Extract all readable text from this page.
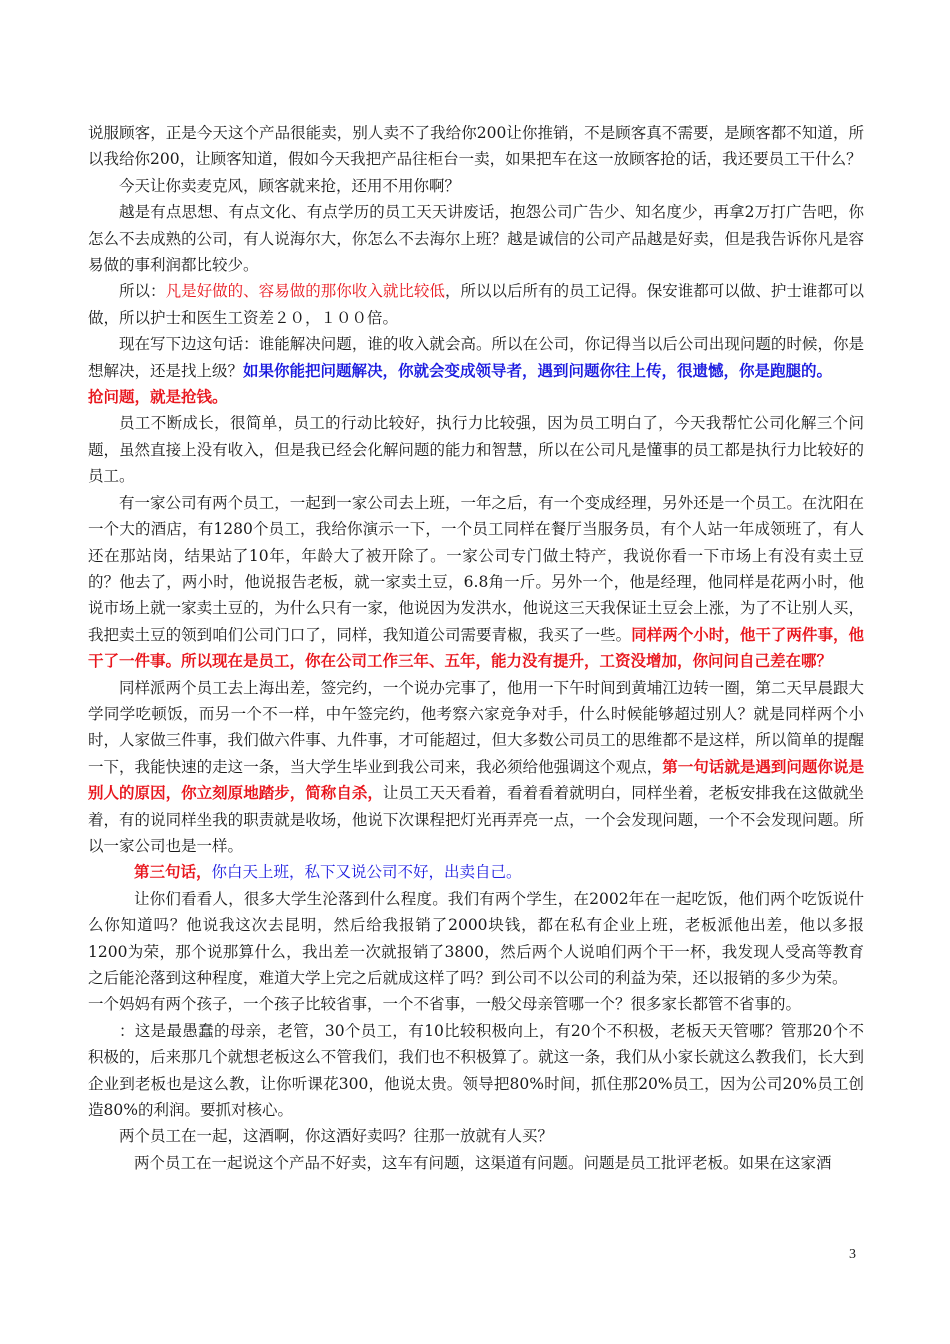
说服顾客，正是今天这个产品很能卖，别人卖不了我给你200让你推销，不是顾客真不需要，是顾客都不知道，所以我给你200，让顾客知道，假如今天我把产品往柜台一卖，如果把车在这一放顾客抢的话，我还要员工干什么？

今天让你卖麦克风，顾客就来抢，还用不用你啊？

越是有点思想、有点文化、有点学历的员工天天讲废话，抱怨公司广告少、知名度少，再拿2万打广告吧，你怎么不去成熟的公司，有人说海尔大，你怎么不去海尔上班？越是诚信的公司产品越是好卖，但是我告诉你凡是容易做的事利润都比较少。

所以：凡是好做的、容易做的那你收入就比较低，所以以后所有的员工记得。保安谁都可以做、护士谁都可以做，所以护士和医生工资差２０，１００倍。

现在写下边这句话：谁能解决问题，谁的收入就会高。所以在公司，你记得当以后公司出现问题的时候，你是想解决，还是找上级？如果你能把问题解决，你就会变成领导者，遇到问题你往上传，很遗憾，你是跑腿的。

抢问题，就是抢钱。

员工不断成长，很简单，员工的行动比较好，执行力比较强，因为员工明白了，今天我帮忙公司化解三个问题，虽然直接上没有收入，但是我已经会化解问题的能力和智慧，所以在公司凡是懂事的员工都是执行力比较好的员工。

有一家公司有两个员工，一起到一家公司去上班，一年之后，有一个变成经理，另外还是一个员工。在沈阳在一个大的酒店，有1280个员工，我给你演示一下，一个员工同样在餐厅当服务员，有个人站一年成领班了，有人还在那站岗，结果站了10年，年龄大了被开除了。一家公司专门做土特产，我说你看一下市场上有没有卖土豆的？他去了，两小时，他说报告老板，就一家卖土豆，6.8角一斤。另外一个，他是经理，他同样是花两小时，他说市场上就一家卖土豆的，为什么只有一家，他说因为发洪水，他说这三天我保证土豆会上涨，为了不让别人买，我把卖土豆的领到咱们公司门口了，同样，我知道公司需要青椒，我买了一些。同样两个小时，他干了两件事，他干了一件事。所以现在是员工，你在公司工作三年、五年，能力没有提升，工资没增加，你问问自己差在哪？

同样派两个员工去上海出差，签完约，一个说办完事了，他用一下午时间到黄埔江边转一圈，第二天早晨跟大学同学吃顿饭，而另一个不一样，中午签完约，他考察六家竞争对手，什么时候能够超过别人？就是同样两个小时，人家做三件事，我们做六件事、九件事，才可能超过，但大多数公司员工的思维都不是这样，所以简单的提醒一下，我能快速的走这一条，当大学生毕业到我公司来，我必须给他强调这个观点，第一句话就是遇到问题你说是别人的原因，你立刻原地踏步，简称自杀，让员工天天看着，看着看着就明白，同样坐着，老板安排我在这做就坐着，有的说同样坐我的职责就是收场，他说下次课程把灯光再弄亮一点，一个会发现问题，一个不会发现问题。所以一家公司也是一样。

第三句话，你白天上班，私下又说公司不好，出卖自己。

让你们看看人，很多大学生沦落到什么程度。我们有两个学生，在2002年在一起吃饭，他们两个吃饭说什么你知道吗？他说我这次去昆明，然后给我报销了2000块钱，都在私有企业上班，老板派他出差，他以多报1200为荣，那个说那算什么，我出差一次就报销了3800，然后两个人说咱们两个干一杯，我发现人受高等教育之后能沦落到这种程度，难道大学上完之后就成这样了吗？到公司不以公司的利益为荣，还以报销的多少为荣。

一个妈妈有两个孩子，一个孩子比较省事，一个不省事，一般父母亲管哪一个？很多家长都管不省事的。

：这是最愚蠢的母亲，老管，30个员工，有10比较积极向上，有20个不积极，老板天天管哪？管那20个不积极的，后来那几个就想老板这么不管我们，我们也不积极算了。就这一条，我们从小家长就这么教我们，长大到企业到老板也是这么教，让你听课花300，他说太贵。领导把80%时间，抓住那20%员工，因为公司20%员工创造80%的利润。要抓对核心。

两个员工在一起，这酒啊，你这酒好卖吗？往那一放就有人买？

两个员工在一起说这个产品不好卖，这车有问题，这渠道有问题。问题是员工批评老板。如果在这家酒

3
